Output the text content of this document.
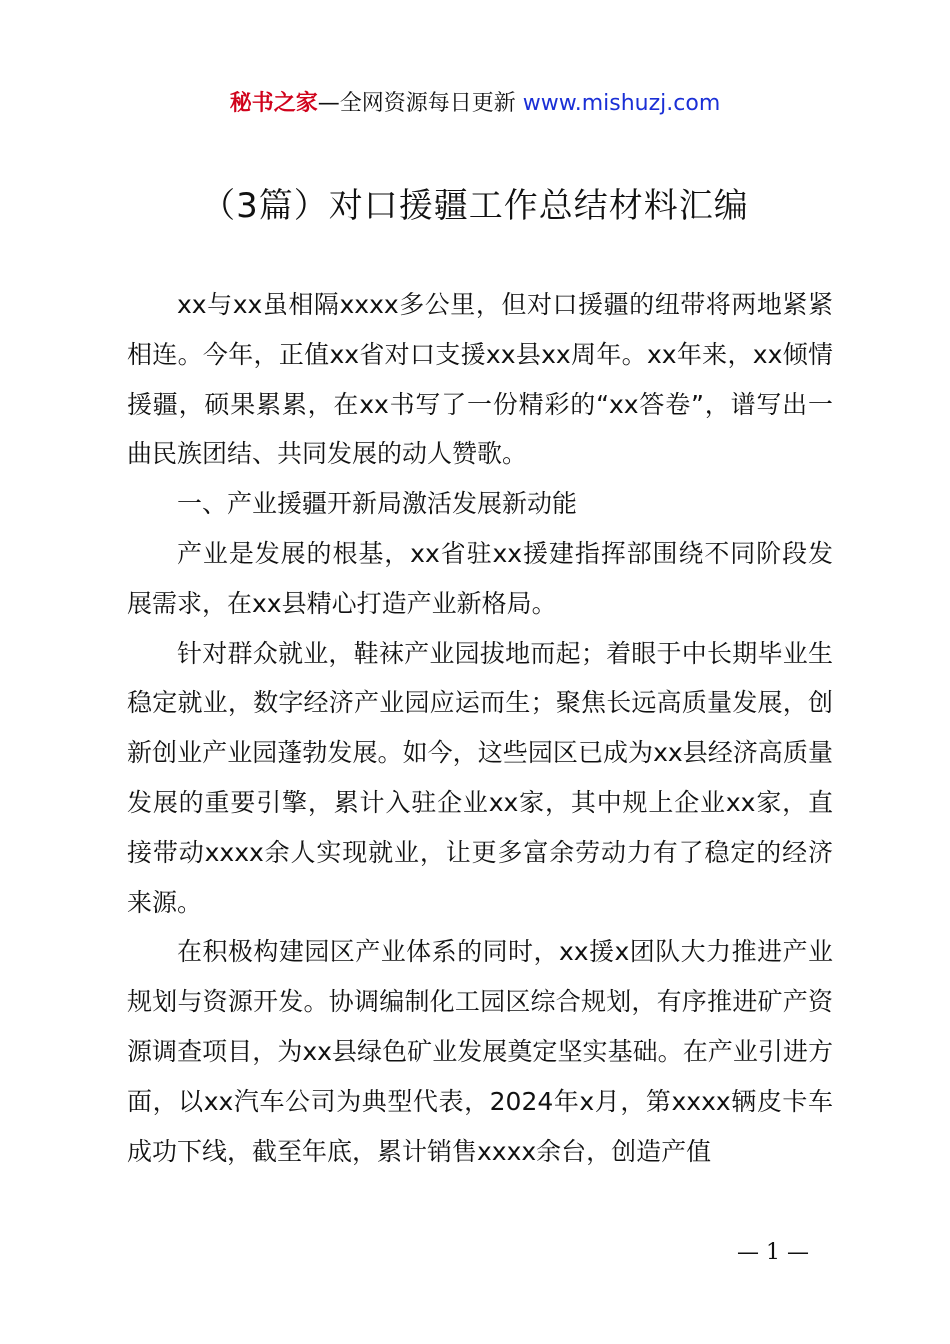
秘书之家—全网资源每日更新 www.mishuzj.com
（3篇）对口援疆工作总结材料汇编

xx与xx虽相隔xxxx多公里，但对口援疆的纽带将两地紧紧相连。今年，正值xx省对口支援xx县xx周年。xx年来，xx倾情援疆，硕果累累，在xx书写了一份精彩的“xx答卷”，谱写出一曲民族团结、共同发展的动人赞歌。

一、产业援疆开新局激活发展新动能

产业是发展的根基，xx省驻xx援建指挥部围绕不同阶段发展需求，在xx县精心打造产业新格局。

针对群众就业，鞋袜产业园拔地而起；着眼于中长期毕业生稳定就业，数字经济产业园应运而生；聚焦长远高质量发展，创新创业产业园蓬勃发展。如今，这些园区已成为xx县经济高质量发展的重要引擎，累计入驻企业xx家，其中规上企业xx家，直接带动xxxx余人实现就业，让更多富余劳动力有了稳定的经济来源。

在积极构建园区产业体系的同时，xx援x团队大力推进产业规划与资源开发。协调编制化工园区综合规划，有序推进矿产资源调查项目，为xx县绿色矿业发展奠定坚实基础。在产业引进方面，以xx汽车公司为典型代表，2024年x月，第xxxx辆皮卡车成功下线，截至年底，累计销售xxxx余台，创造产值

— 1 —
